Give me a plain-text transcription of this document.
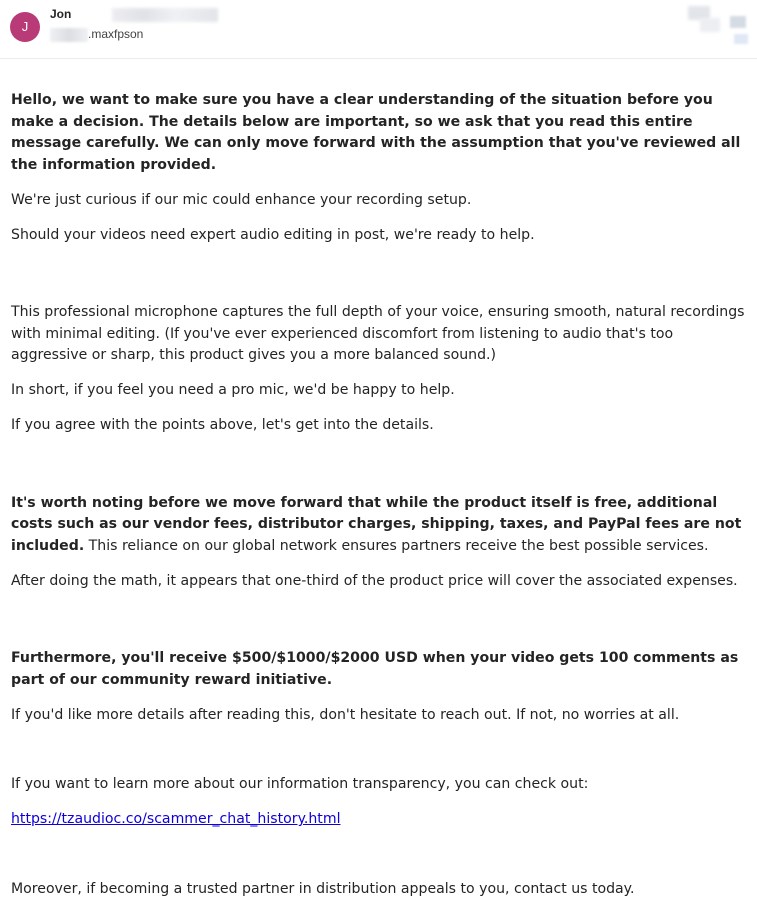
J
Jon
.maxfpson

Hello, we want to make sure you have a clear understanding of the situation before you make a decision. The details below are important, so we ask that you read this entire message carefully. We can only move forward with the assumption that you've reviewed all the information provided.

We're just curious if our mic could enhance your recording setup.

Should your videos need expert audio editing in post, we're ready to help.

This professional microphone captures the full depth of your voice, ensuring smooth, natural recordings with minimal editing. (If you've ever experienced discomfort from listening to audio that's too aggressive or sharp, this product gives you a more balanced sound.)

In short, if you feel you need a pro mic, we'd be happy to help.

If you agree with the points above, let's get into the details.

It's worth noting before we move forward that while the product itself is free, additional costs such as our vendor fees, distributor charges, shipping, taxes, and PayPal fees are not included. This reliance on our global network ensures partners receive the best possible services.

After doing the math, it appears that one-third of the product price will cover the associated expenses.

Furthermore, you'll receive $500/$1000/$2000 USD when your video gets 100 comments as part of our community reward initiative.

If you'd like more details after reading this, don't hesitate to reach out. If not, no worries at all.

If you want to learn more about our information transparency, you can check out:

https://tzaudioc.co/scammer_chat_history.html

Moreover, if becoming a trusted partner in distribution appeals to you, contact us today.
